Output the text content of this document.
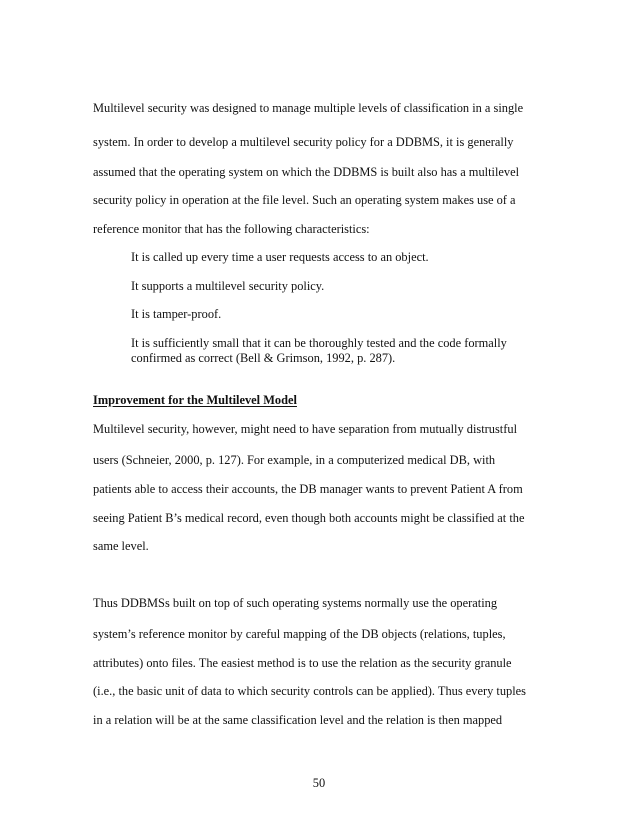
Multilevel security was designed to manage multiple levels of classification in a single
system. In order to develop a multilevel security policy for a DDBMS, it is generally
assumed that the operating system on which the DDBMS is built also has a multilevel
security policy in operation at the file level. Such an operating system makes use of a
reference monitor that has the following characteristics:
It is called up every time a user requests access to an object.
It supports a multilevel security policy.
It is tamper-proof.
It is sufficiently small that it can be thoroughly tested and the code formally
confirmed as correct (Bell & Grimson, 1992, p. 287).
Improvement for the Multilevel Model
Multilevel security, however, might need to have separation from mutually distrustful
users (Schneier, 2000, p. 127). For example, in a computerized medical DB, with
patients able to access their accounts, the DB manager wants to prevent Patient A from
seeing Patient B’s medical record, even though both accounts might be classified at the
same level.
Thus DDBMSs built on top of such operating systems normally use the operating
system’s reference monitor by careful mapping of the DB objects (relations, tuples,
attributes) onto files. The easiest method is to use the relation as the security granule
(i.e., the basic unit of data to which security controls can be applied). Thus every tuples
in a relation will be at the same classification level and the relation is then mapped
50
